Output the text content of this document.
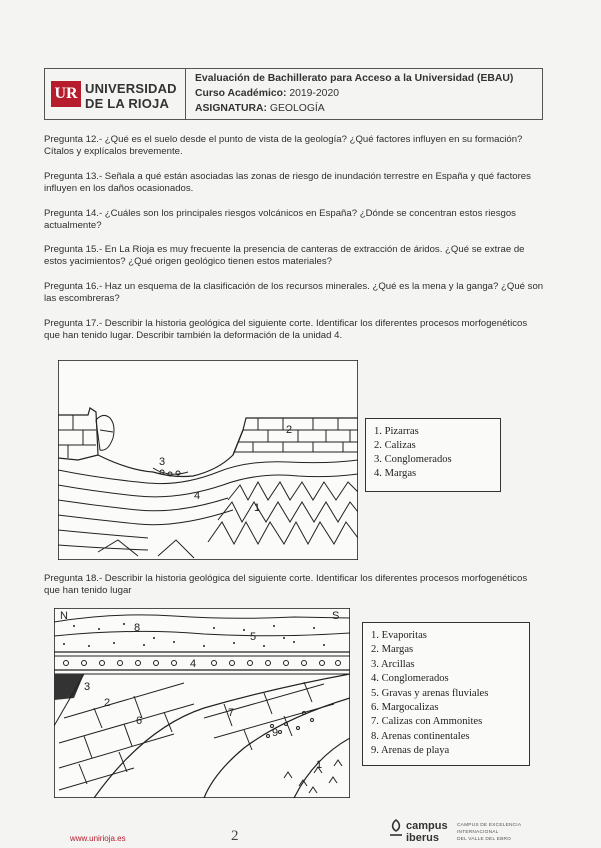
UR UNIVERSIDAD
DE LA RIOJA
Evaluación de Bachillerato para Acceso a la Universidad (EBAU)
Curso Académico: 2019-2020
ASIGNATURA: GEOLOGÍA
Pregunta 12.- ¿Qué es el suelo desde el punto de vista de la geología? ¿Qué factores influyen en su formación? Cítalos y explícalos brevemente.
Pregunta 13.- Señala a qué están asociadas las zonas de riesgo de inundación terrestre en España y qué factores influyen en los daños ocasionados.
Pregunta 14.- ¿Cuáles son los principales riesgos volcánicos en España? ¿Dónde se concentran estos riesgos actualmente?
Pregunta 15.- En La Rioja es muy frecuente la presencia de canteras de extracción de áridos. ¿Qué se extrae de estos yacimientos? ¿Qué origen geológico tienen estos materiales?
Pregunta 16.- Haz un esquema de la clasificación de los recursos minerales. ¿Qué es la mena y la ganga? ¿Qué son las escombreras?
Pregunta 17.- Describir la historia geológica del siguiente corte. Identificar los diferentes procesos morfogenéticos que han tenido lugar. Describir también la deformación de la unidad 4.
2
3
4
1
1. Pizarras
2. Calizas
3. Conglomerados
4. Margas
Pregunta 18.- Describir la historia geológica del siguiente corte. Identificar los diferentes procesos morfogenéticos que han tenido lugar
N	S
8
5
4
3
2
6
7
9
1
1. Evaporitas
2. Margas
3. Arcillas
4. Conglomerados
5. Gravas y arenas fluviales
6. Margocalizas
7. Calizas con Ammonites
8. Arenas continentales
9. Arenas de playa
www.unirioja.es	2
campus
iberus
CAMPUS DE EXCELENCIA
INTERNACIONAL
DEL VALLE DEL EBRO
